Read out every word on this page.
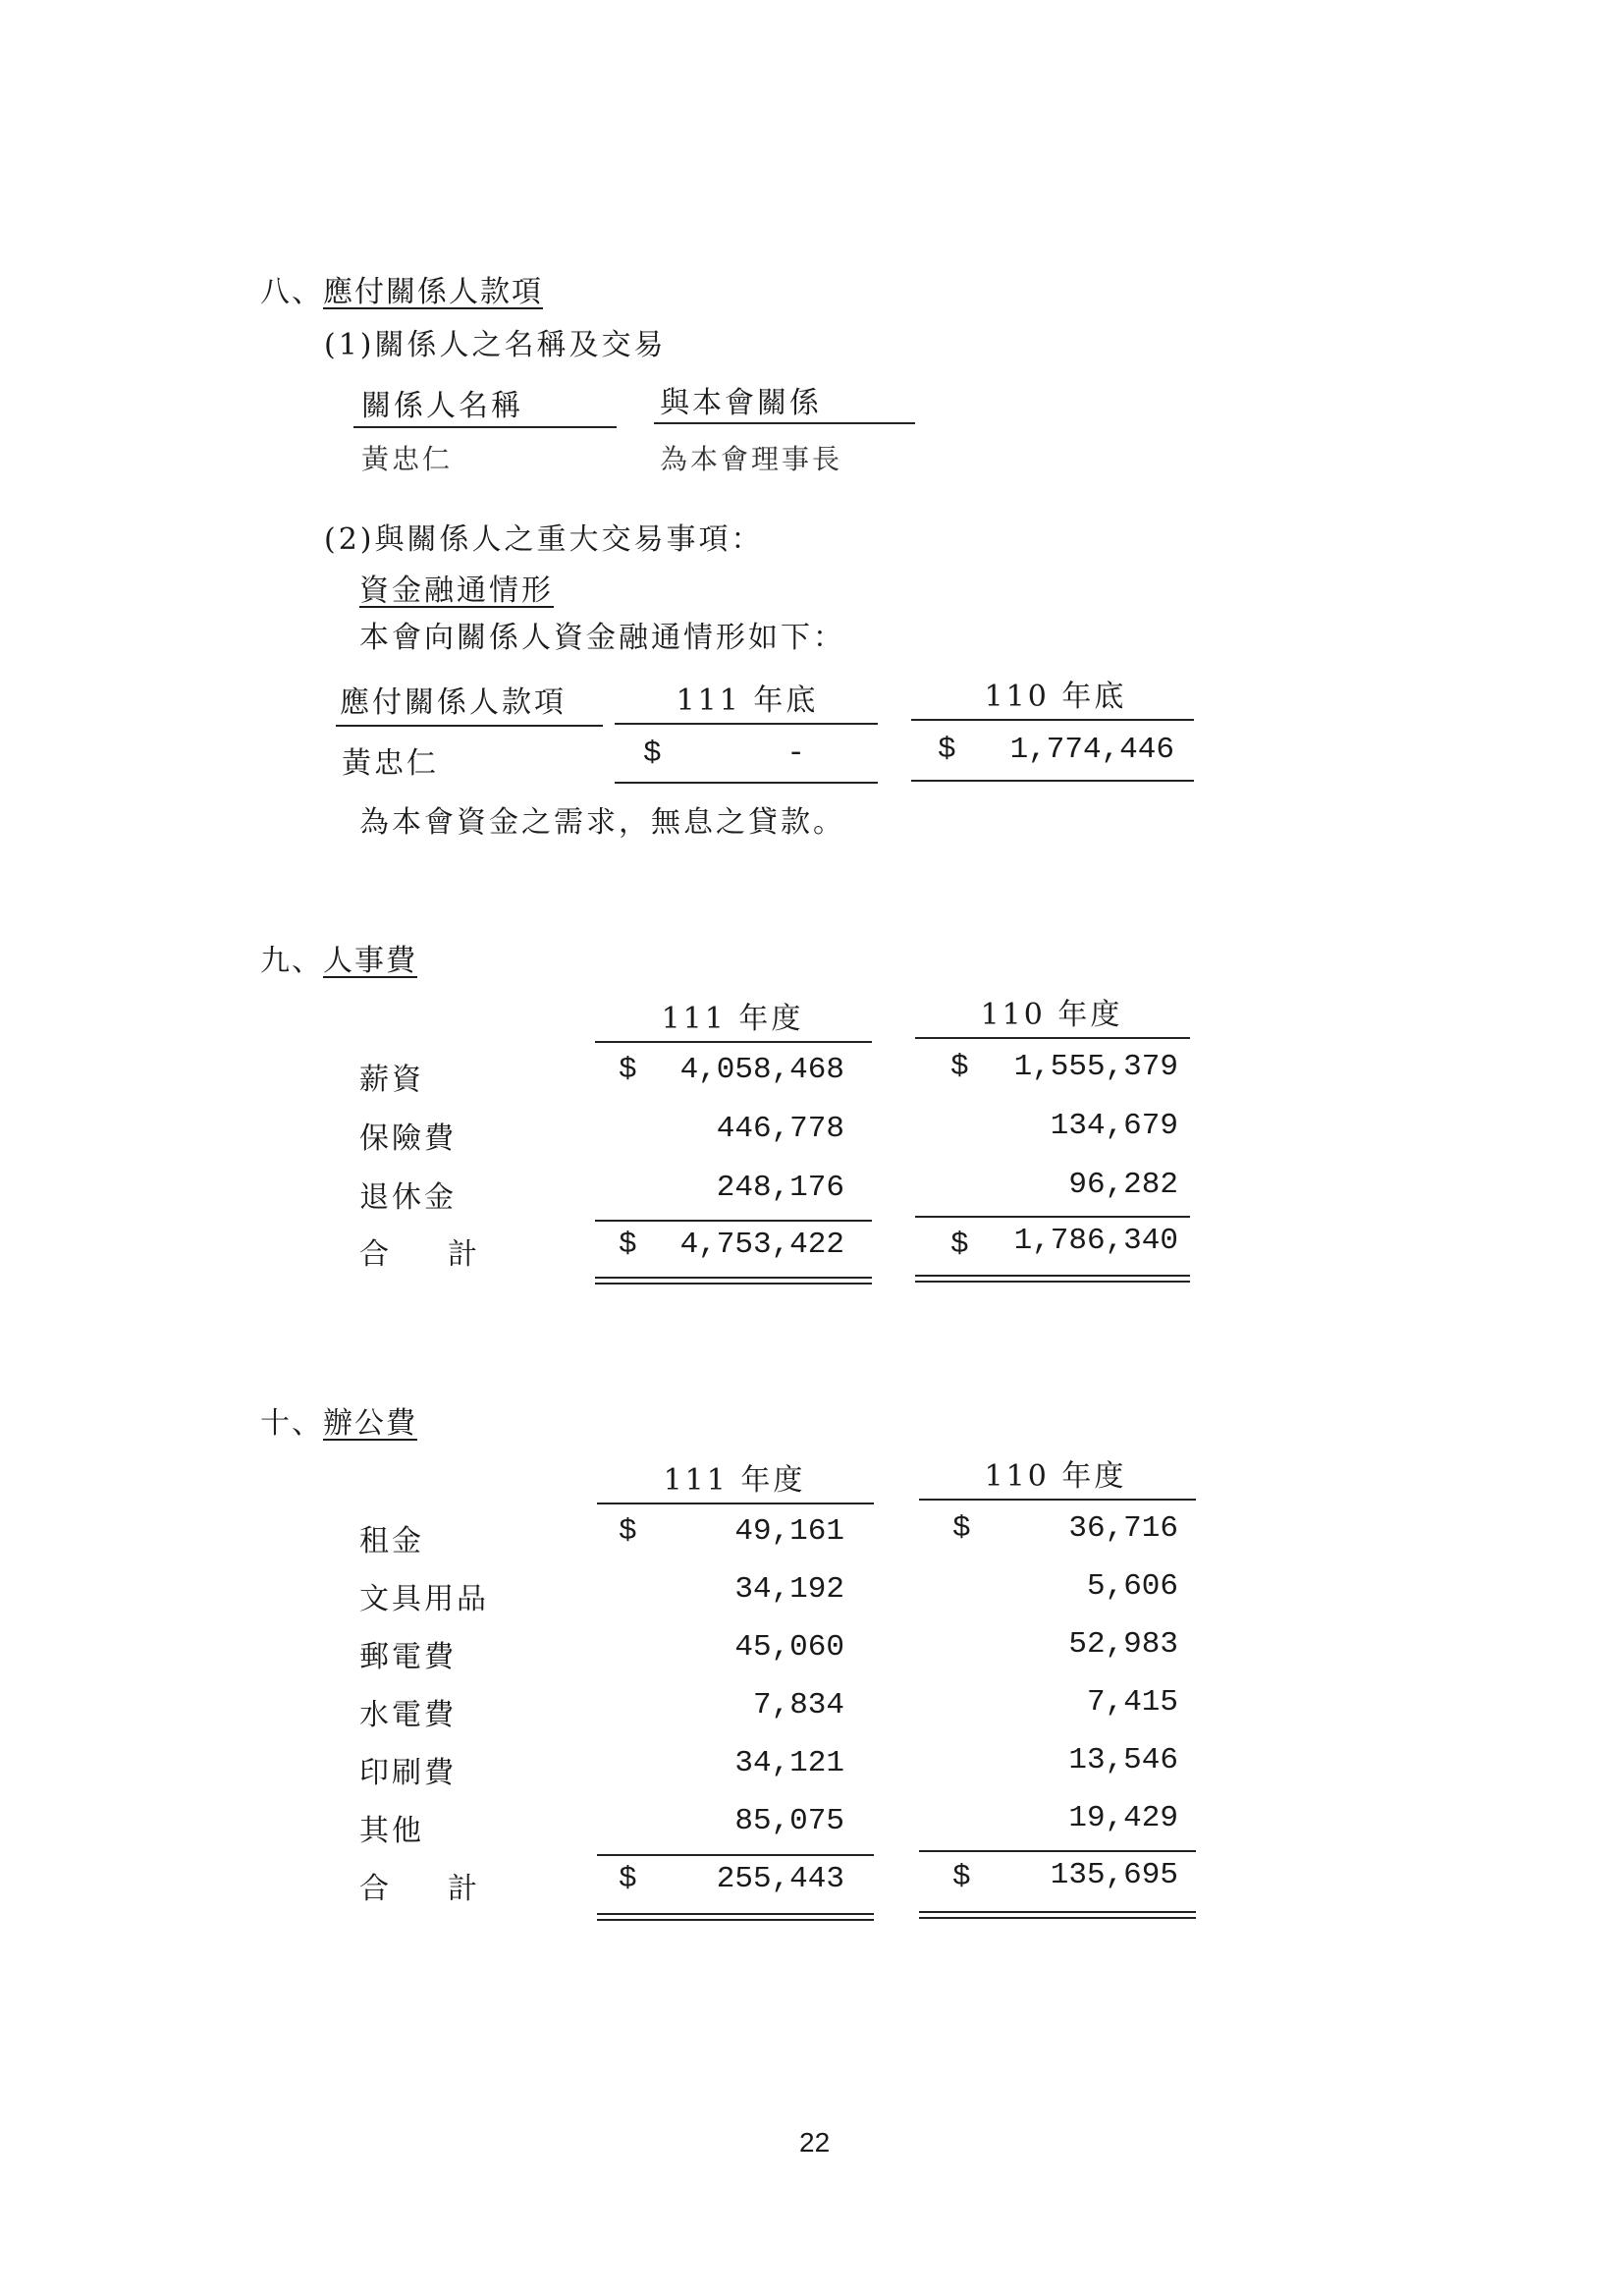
八、應付關係人款項
(1)關係人之名稱及交易
關係人名稱	與本會關係
黃忠仁	為本會理事長
(2)與關係人之重大交易事項：
資金融通情形
本會向關係人資金融通情形如下：
應付關係人款項	111 年底	110 年底
黃忠仁	$	-	$	1,774,446
為本會資金之需求，無息之貸款。
九、人事費
111 年度	110 年度
薪資	$	4,058,468	$	1,555,379
保險費	446,778	134,679
退休金	248,176	96,282
合　　計	$	4,753,422	$	1,786,340
十、辦公費
111 年度	110 年度
租金	$	49,161	$	36,716
文具用品	34,192	5,606
郵電費	45,060	52,983
水電費	7,834	7,415
印刷費	34,121	13,546
其他	85,075	19,429
合　　計	$	255,443	$	135,695
22
